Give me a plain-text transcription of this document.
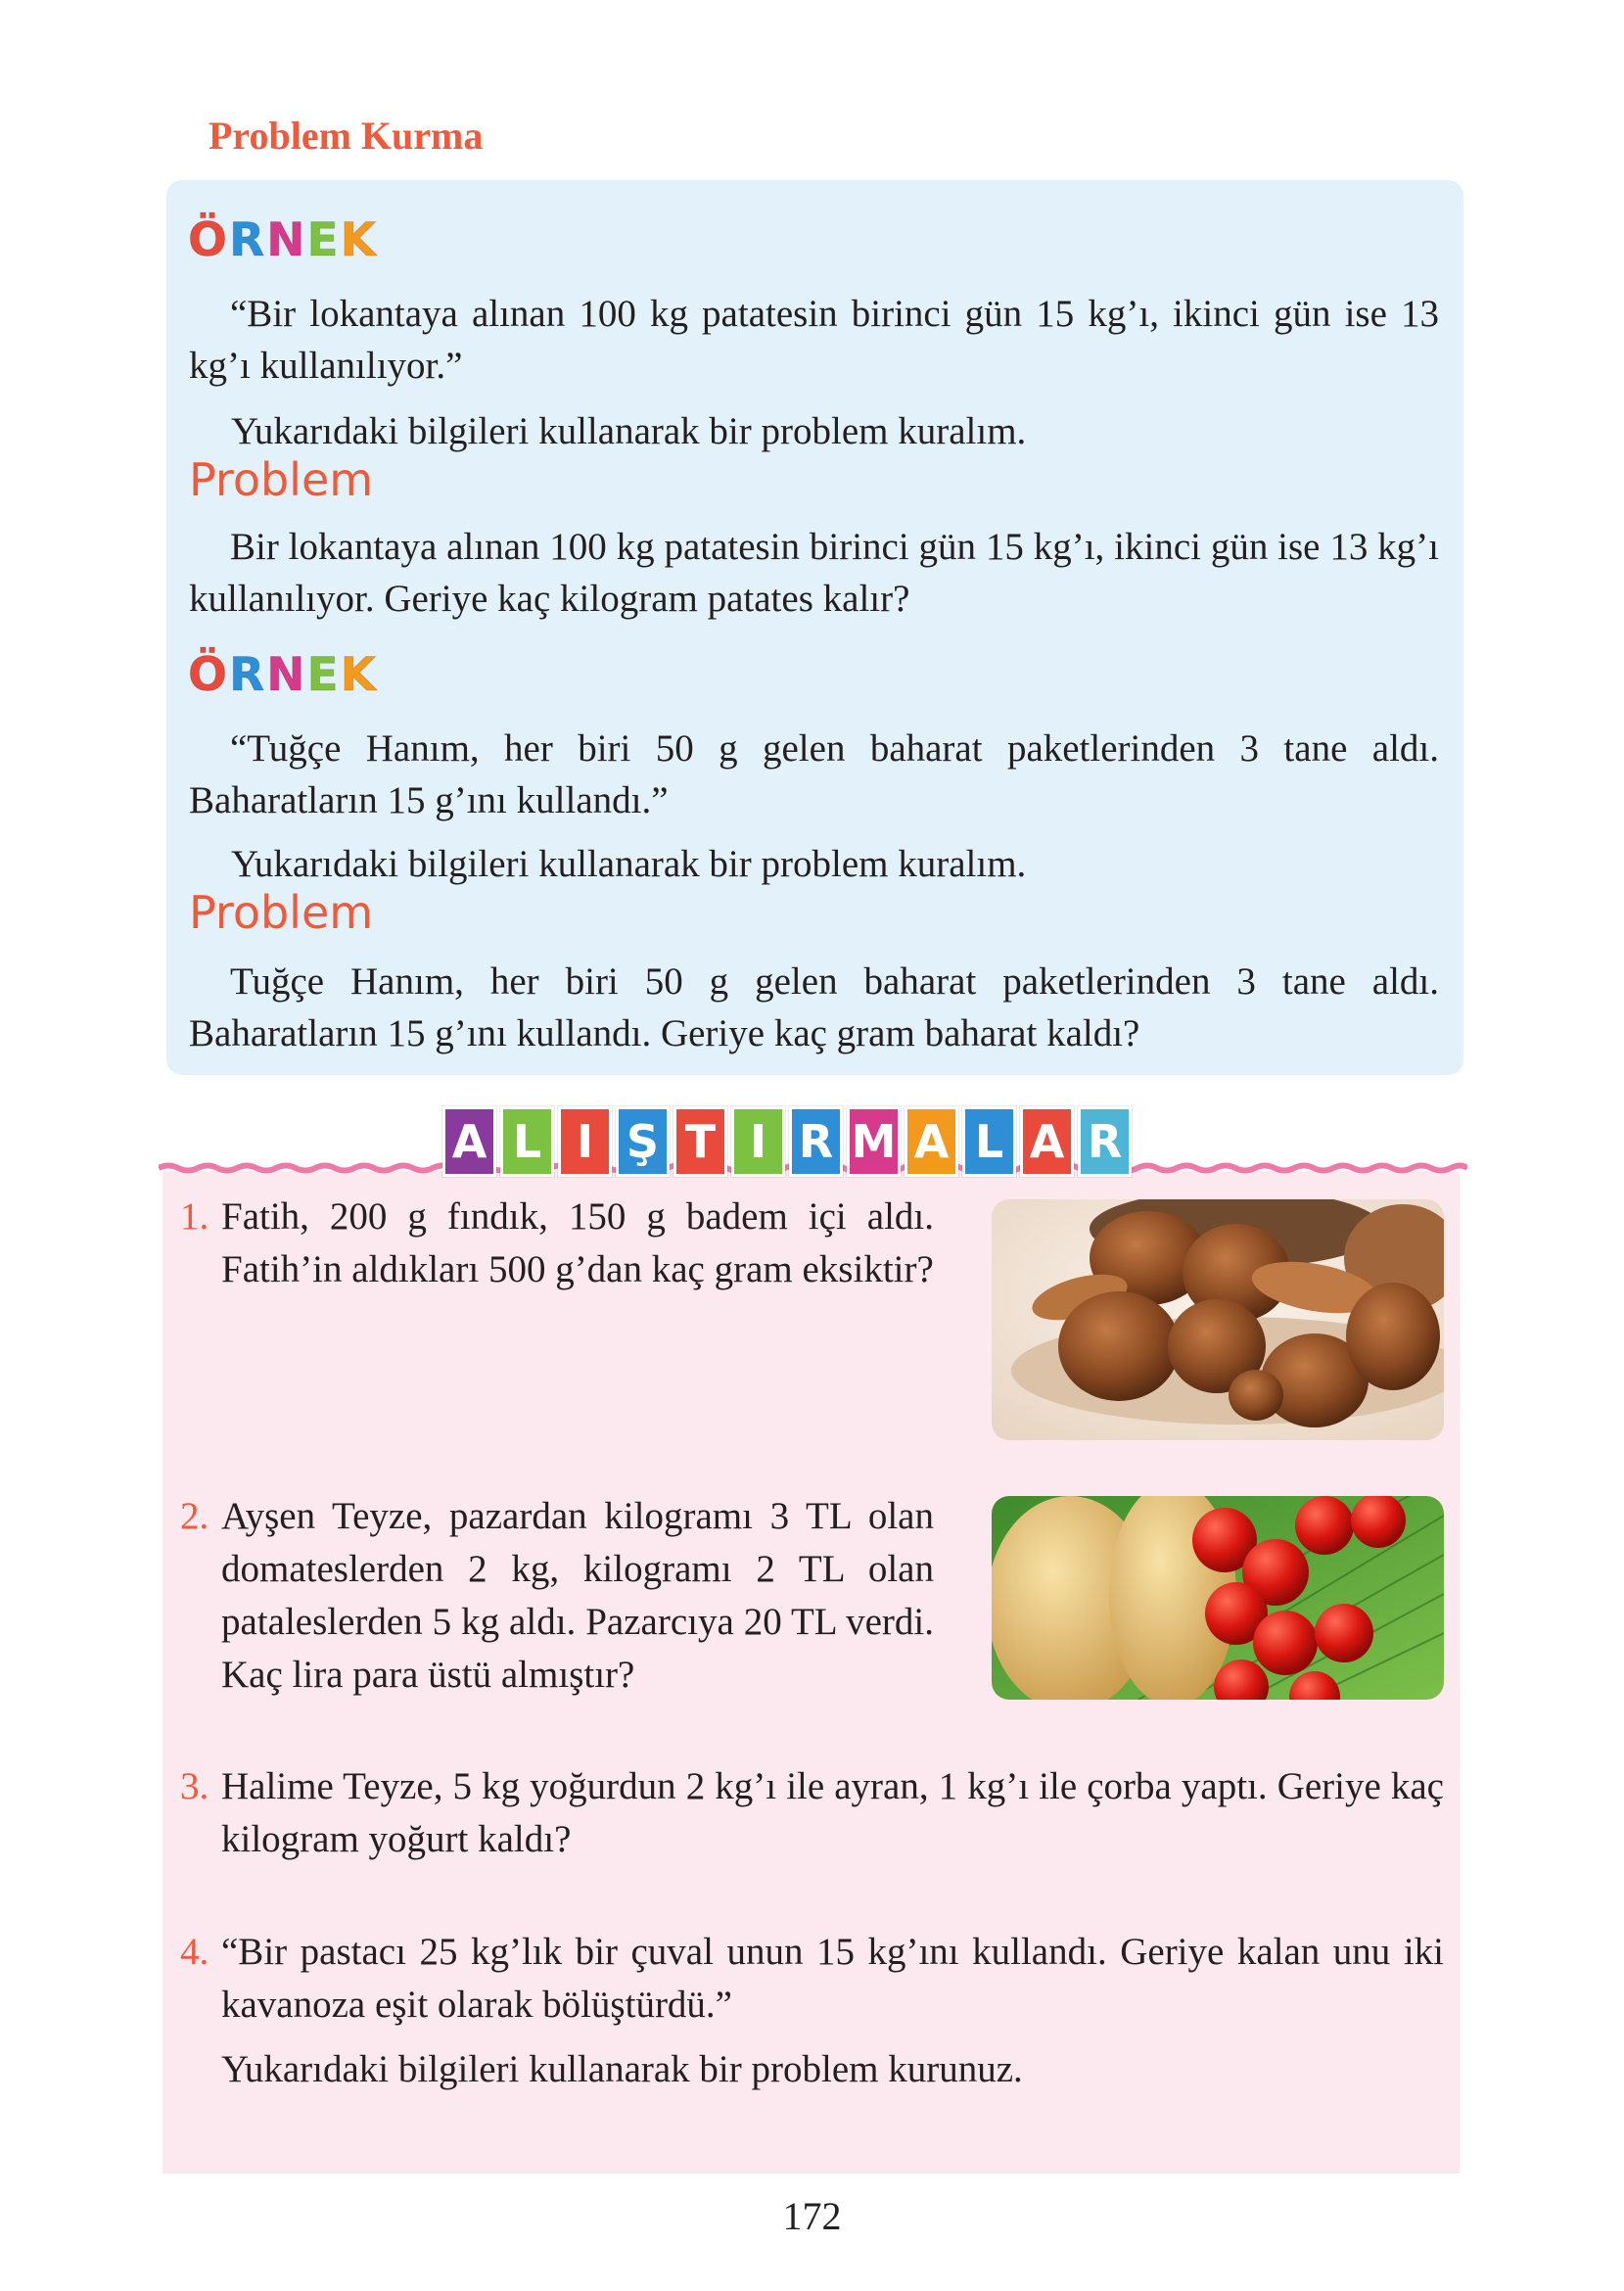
Problem Kurma
ÖRNEK

“Bir lokantaya alınan 100 kg patatesin birinci gün 15 kg’ı, ikinci gün ise 13 kg’ı kullanılıyor.”

Yukarıdaki bilgileri kullanarak bir problem kuralım.

Problem

Bir lokantaya alınan 100 kg patatesin birinci gün 15 kg’ı, ikinci gün ise 13 kg’ı kullanılıyor. Geriye kaç kilogram patates kalır?

ÖRNEK

“Tuğçe Hanım, her biri 50 g gelen baharat paketlerinden 3 tane aldı. Baharatların 15 g’ını kullandı.”

Yukarıdaki bilgileri kullanarak bir problem kuralım.

Problem

Tuğçe Hanım, her biri 50 g gelen baharat paketlerinden 3 tane aldı. Baharatların 15 g’ını kullandı. Geriye kaç gram baharat kaldı?

A L I Ş T I R M A L A R
1. Fatih, 200 g fındık, 150 g badem içi aldı. Fatih’in aldıkları 500 g’dan kaç gram eksiktir?
2. Ayşen Teyze, pazardan kilogramı 3 TL olan domateslerden 2 kg, kilogramı 2 TL olan pataleslerden 5 kg aldı. Pazarcıya 20 TL verdi. Kaç lira para üstü almıştır?
3. Halime Teyze, 5 kg yoğurdun 2 kg’ı ile ayran, 1 kg’ı ile çorba yaptı. Geriye kaç kilogram yoğurt kaldı?
4. “Bir pastacı 25 kg’lık bir çuval unun 15 kg’ını kullandı. Geriye kalan unu iki kavanoza eşit olarak bölüştürdü.”
Yukarıdaki bilgileri kullanarak bir problem kurunuz.
172
